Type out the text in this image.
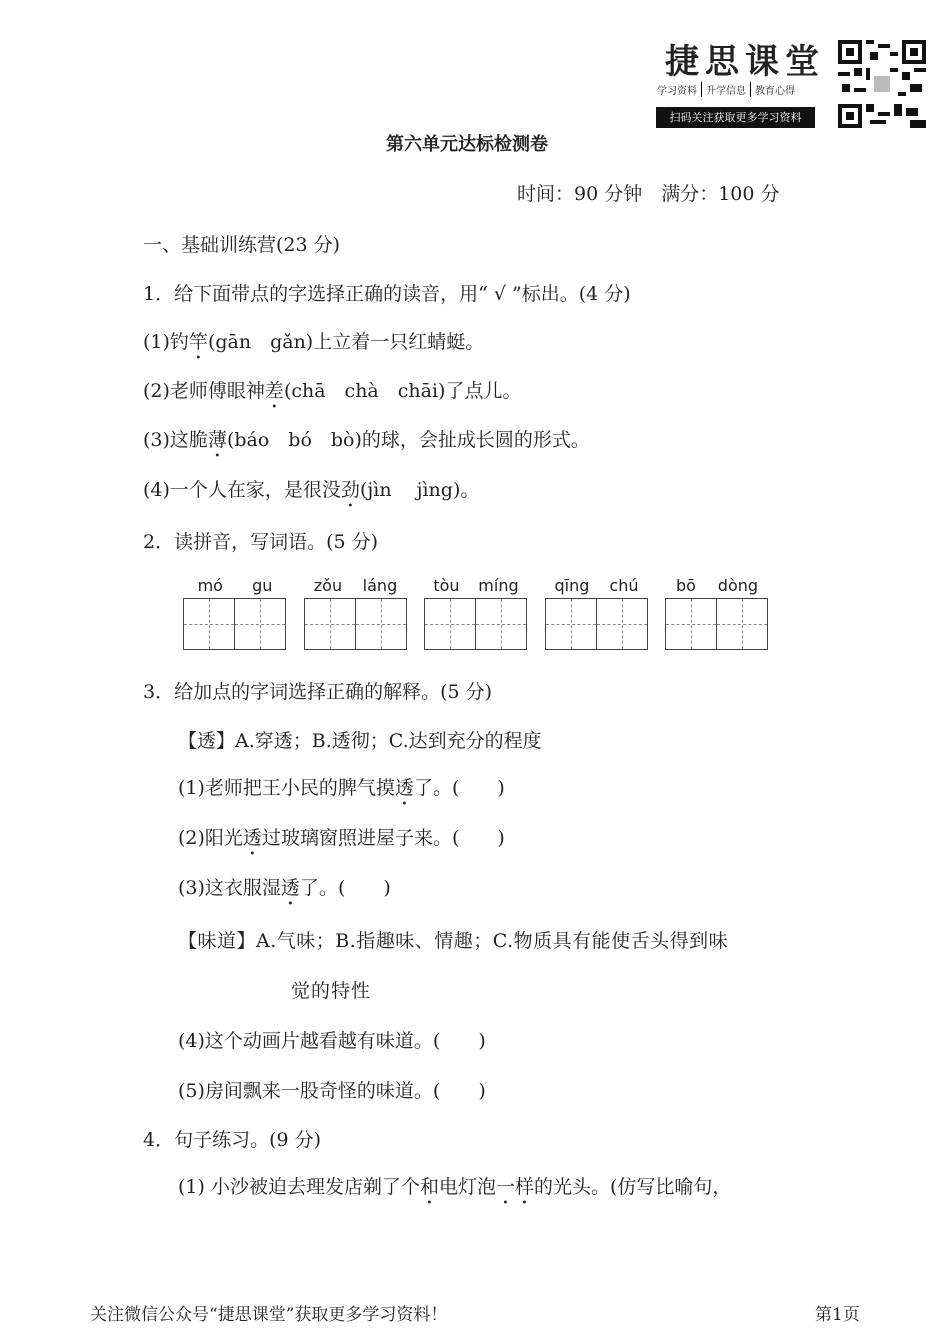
捷思课堂
学习资料 升学信息 教育心得
扫码关注获取更多学习资料
第六单元达标检测卷
时间：90 分钟　满分：100 分
一、基础训练营(23 分)
1．给下面带点的字选择正确的读音，用“ √ ”标出。(4 分)
(1)钓竿(gān　gǎn)上立着一只红蜻蜓。
(2)老师傅眼神差(chā　chà　chāi)了点儿。
(3)这脆薄(báo　bó　bò)的球，会扯成长圆的形式。
(4)一个人在家，是很没劲(jìn　 jìng)。
2．读拼音，写词语。(5 分)
mó gu	zǒu láng tòu míng qīng chú bō dòng
3．给加点的字词选择正确的解释。(5 分)
【透】A.穿透；B.透彻；C.达到充分的程度
(1)老师把王小民的脾气摸透了。(　　)
(2)阳光透过玻璃窗照进屋子来。(　　)
(3)这衣服湿透了。(　　)
【味道】A.气味；B.指趣味、情趣；C.物质具有能使舌头得到味
觉的特性
(4)这个动画片越看越有味道。(　　)
(5)房间飘来一股奇怪的味道。(　　)
4．句子练习。(9 分)
(1) 小沙被迫去理发店剃了个和电灯泡一样的光头。(仿写比喻句，
关注微信公众号“捷思课堂”获取更多学习资料！	第1页
